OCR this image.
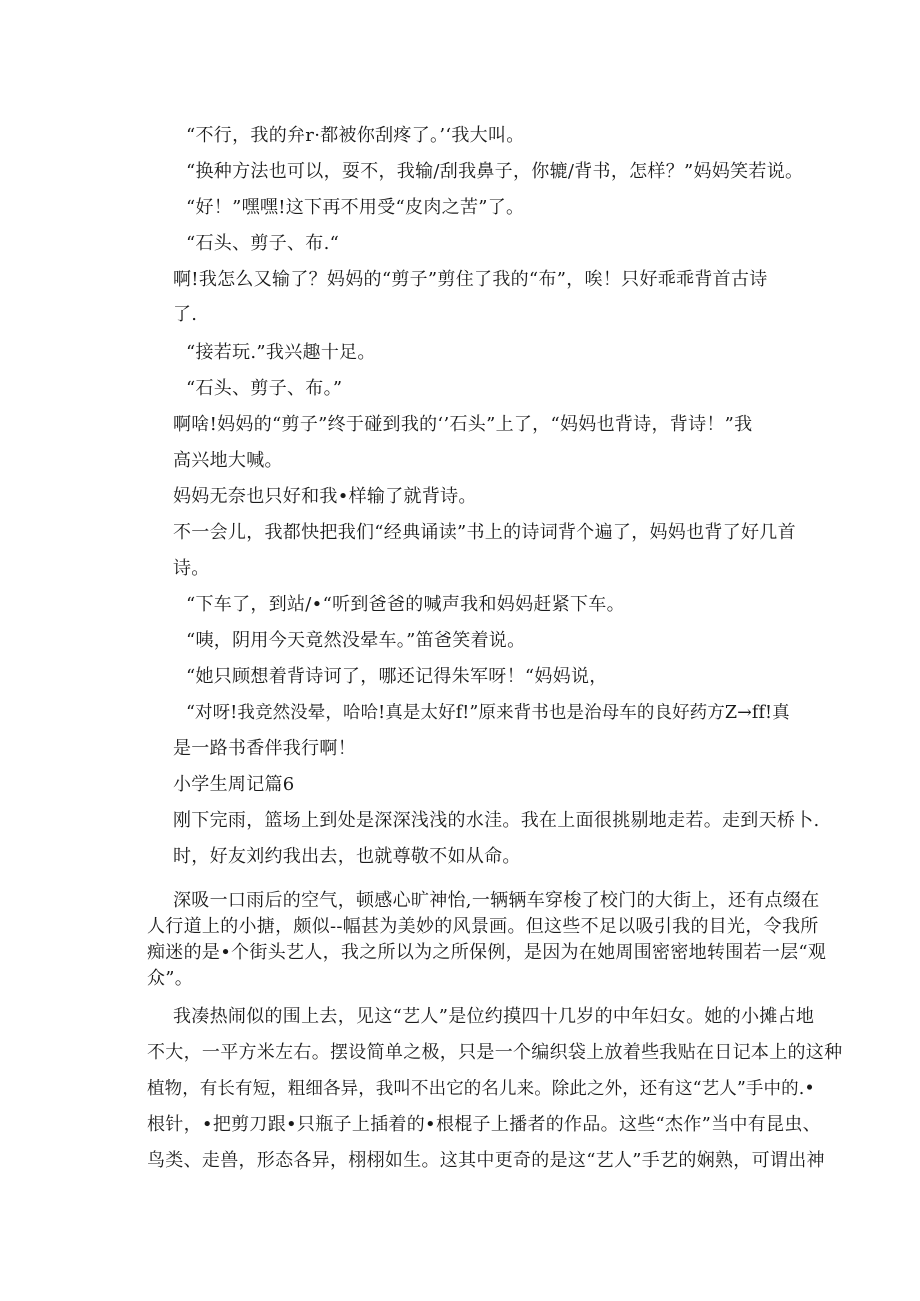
“不行，我的弁r·都被你刮疼了。’‘我大叫。

“换种方法也可以，耍不，我输/刮我鼻子，你辘/背书，怎样？”妈妈笑若说。

“好！”嘿嘿!这下再不用受“皮肉之苦”了。

“石头、剪子、布.“

啊!我怎么又输了？妈妈的“剪子”剪住了我的“布”，唉！只好乖乖背首古诗

了.

“接若玩.”我兴趣十足。

“石头、剪子、布。”

啊啥!妈妈的“剪子”终于碰到我的‘’石头”上了，“妈妈也背诗，背诗！”我

高兴地大喊。

妈妈无奈也只好和我•样输了就背诗。

不一会儿，我都快把我们“经典诵读”书上的诗词背个遍了，妈妈也背了好几首

诗。

“下车了，到站/•“听到爸爸的喊声我和妈妈赶紧下车。

“咦，阴用今天竟然没晕车。”笛爸笑着说。

“她只顾想着背诗诃了，哪还记得朱军呀！“妈妈说，

“对呀!我竞然没晕，哈哈!真是太好f!”原来背书也是治母车的良好药方Z→ff!真

是一路书香伴我行啊！

小学生周记篇6

刚下完雨，篮场上到处是深深浅浅的水洼。我在上面很挑剔地走若。走到天桥卜.

时，好友刘约我出去，也就尊敬不如从命。

深吸一口雨后的空气，顿感心旷神怡,一辆辆车穿梭了校门的大街上，还有点缀在

人行道上的小搪，颇似--幅甚为美妙的风景画。但这些不足以吸引我的目光，令我所

痴迷的是•个街头艺人，我之所以为之所保例，是因为在她周围密密地转围若一层“观

众”。

我凑热闹似的围上去，见这“艺人”是位约摸四十几岁的中年妇女。她的小摊占地

不大，一平方米左右。摆设简单之极，只是一个编织袋上放着些我贴在日记本上的这种

植物，有长有短，粗细各异，我叫不出它的名儿来。除此之外，还有这“艺人”手中的.•

根针，•把剪刀跟•只瓶子上插着的•根棍子上播者的作品。这些“杰作”当中有昆虫、

鸟类、走兽，形态各异，栩栩如生。这其中更奇的是这“艺人”手艺的娴熟，可谓出神
